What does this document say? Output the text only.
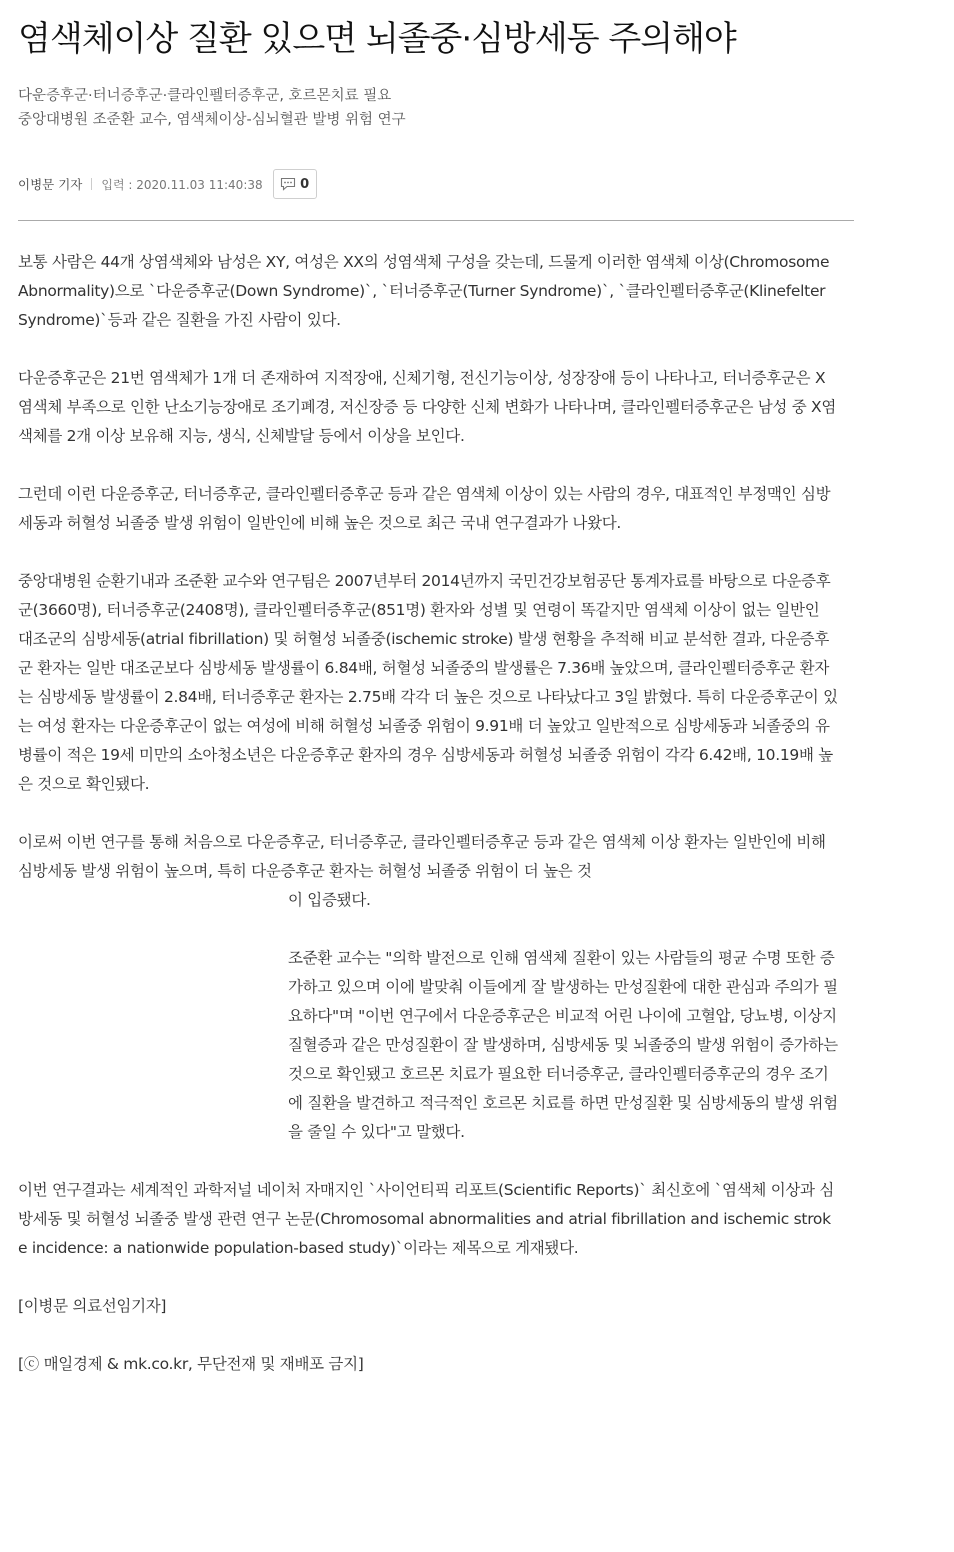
염색체이상 질환 있으면 뇌졸중·심방세동 주의해야
다운증후군·터너증후군·클라인펠터증후군, 호르몬치료 필요
중앙대병원 조준환 교수, 염색체이상-심뇌혈관 발병 위험 연구
이병문 기자 입력 : 2020.11.03 11:40:38	0

보통 사람은 44개 상염색체와 남성은 XY, 여성은 XX의 성염색체 구성을 갖는데, 드물게 이러한 염색체 이상(Chromosome Abnormality)으로 `다운증후군(Down Syndrome)`, `터너증후군(Turner Syndrome)`, `클라인펠터증후군(Klinefelter Syndrome)`등과 같은 질환을 가진 사람이 있다.

다운증후군은 21번 염색체가 1개 더 존재하여 지적장애, 신체기형, 전신기능이상, 성장장애 등이 나타나고, 터너증후군은 X염색체 부족으로 인한 난소기능장애로 조기폐경, 저신장증 등 다양한 신체 변화가 나타나며, 클라인펠터증후군은 남성 중 X염색체를 2개 이상 보유해 지능, 생식, 신체발달 등에서 이상을 보인다.

그런데 이런 다운증후군, 터너증후군, 클라인펠터증후군 등과 같은 염색체 이상이 있는 사람의 경우, 대표적인 부정맥인 심방세동과 허혈성 뇌졸중 발생 위험이 일반인에 비해 높은 것으로 최근 국내 연구결과가 나왔다.

중앙대병원 순환기내과 조준환 교수와 연구팀은 2007년부터 2014년까지 국민건강보험공단 통계자료를 바탕으로 다운증후군(3660명), 터너증후군(2408명), 클라인펠터증후군(851명) 환자와 성별 및 연령이 똑같지만 염색체 이상이 없는 일반인 대조군의 심방세동(atrial fibrillation) 및 허혈성 뇌졸중(ischemic stroke) 발생 현황을 추적해 비교 분석한 결과, 다운증후군 환자는 일반 대조군보다 심방세동 발생률이 6.84배, 허혈성 뇌졸중의 발생률은 7.36배 높았으며, 클라인펠터증후군 환자는 심방세동 발생률이 2.84배, 터너증후군 환자는 2.75배 각각 더 높은 것으로 나타났다고 3일 밝혔다. 특히 다운증후군이 있는 여성 환자는 다운증후군이 없는 여성에 비해 허혈성 뇌졸중 위험이 9.91배 더 높았고 일반적으로 심방세동과 뇌졸중의 유병률이 적은 19세 미만의 소아청소년은 다운증후군 환자의 경우 심방세동과 허혈성 뇌졸중 위험이 각각 6.42배, 10.19배 높은 것으로 확인됐다.

이로써 이번 연구를 통해 처음으로 다운증후군, 터너증후군, 클라인펠터증후군 등과 같은 염색체 이상 환자는 일반인에 비해 심방세동 발생 위험이 높으며, 특히 다운증후군 환자는 허혈성 뇌졸중 위험이 더 높은 것

이 입증됐다.

조준환 교수는 "의학 발전으로 인해 염색체 질환이 있는 사람들의 평균 수명 또한 증가하고 있으며 이에 발맞춰 이들에게 잘 발생하는 만성질환에 대한 관심과 주의가 필요하다"며 "이번 연구에서 다운증후군은 비교적 어린 나이에 고혈압, 당뇨병, 이상지질혈증과 같은 만성질환이 잘 발생하며, 심방세동 및 뇌졸중의 발생 위험이 증가하는 것으로 확인됐고 호르몬 치료가 필요한 터너증후군, 클라인펠터증후군의 경우 조기에 질환을 발견하고 적극적인 호르몬 치료를 하면 만성질환 및 심방세동의 발생 위험을 줄일 수 있다"고 말했다.

이번 연구결과는 세계적인 과학저널 네이처 자매지인 `사이언티픽 리포트(Scientific Reports)` 최신호에 `염색체 이상과 심방세동 및 허혈성 뇌졸중 발생 관련 연구 논문(Chromosomal abnormalities and atrial fibrillation and ischemic stroke incidence: a nationwide population-based study)`이라는 제목으로 게재됐다.

[이병문 의료선임기자]

[ⓒ 매일경제 & mk.co.kr, 무단전재 및 재배포 금지]
